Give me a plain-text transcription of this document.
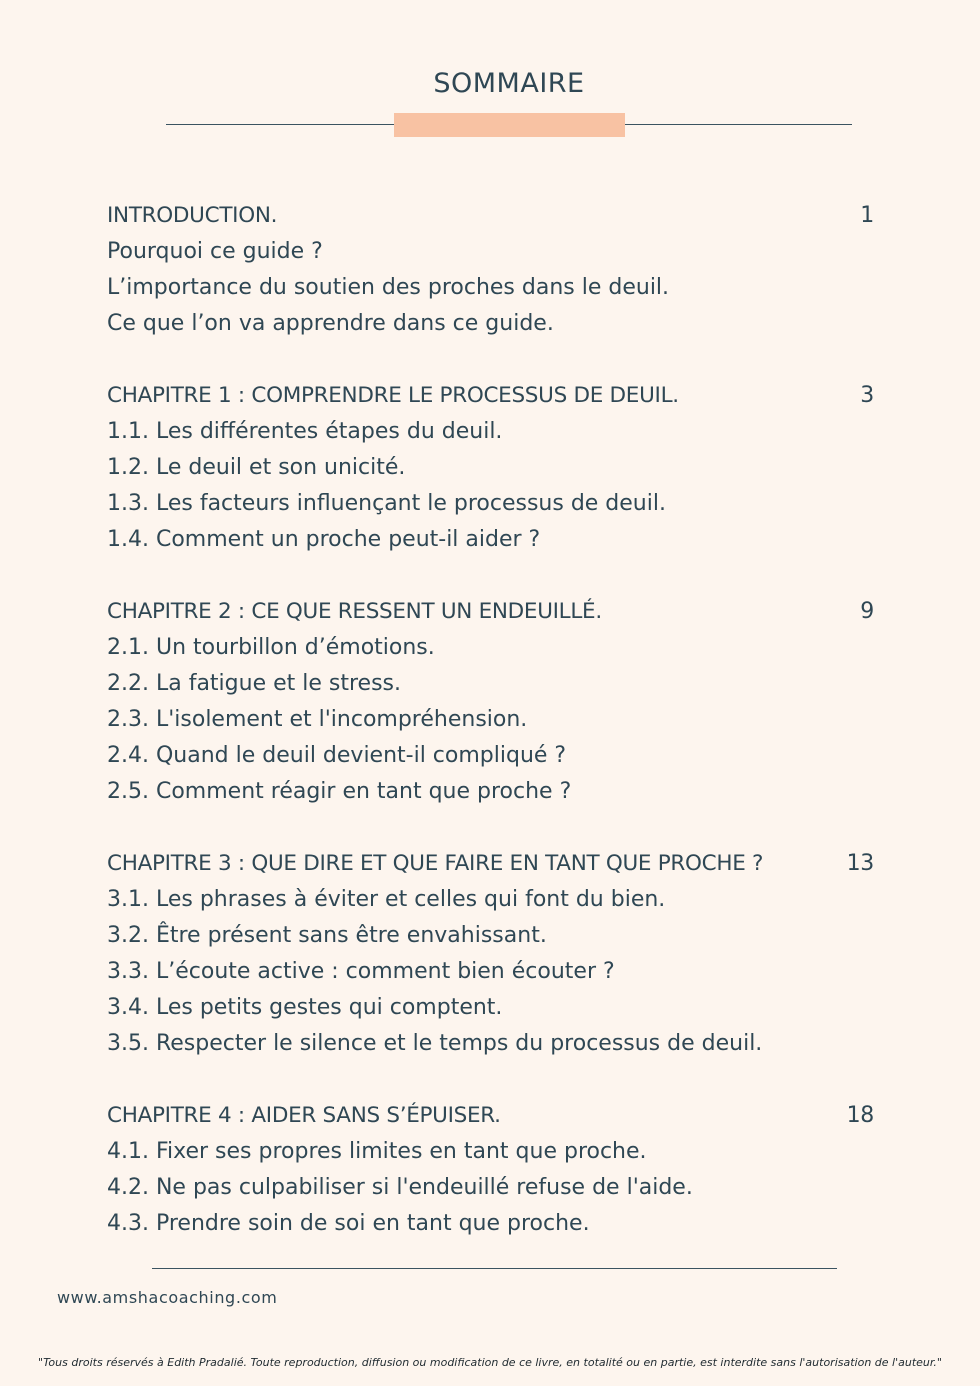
SOMMAIRE
INTRODUCTION.	1
Pourquoi ce guide ?
L’importance du soutien des proches dans le deuil.
Ce que l’on va apprendre dans ce guide.
CHAPITRE 1 : COMPRENDRE LE PROCESSUS DE DEUIL.	3
1.1. Les différentes étapes du deuil.
1.2. Le deuil et son unicité.
1.3. Les facteurs influençant le processus de deuil.
1.4. Comment un proche peut-il aider ?
CHAPITRE 2 : CE QUE RESSENT UN ENDEUILLÉ.	9
2.1. Un tourbillon d’émotions.
2.2. La fatigue et le stress.
2.3. L'isolement et l'incompréhension.
2.4. Quand le deuil devient-il compliqué ?
2.5. Comment réagir en tant que proche ?
CHAPITRE 3 : QUE DIRE ET QUE FAIRE EN TANT QUE PROCHE ?	13
3.1. Les phrases à éviter et celles qui font du bien.
3.2. Être présent sans être envahissant.
3.3. L’écoute active : comment bien écouter ?
3.4. Les petits gestes qui comptent.
3.5. Respecter le silence et le temps du processus de deuil.
CHAPITRE 4 : AIDER SANS S’ÉPUISER.	18
4.1. Fixer ses propres limites en tant que proche.
4.2. Ne pas culpabiliser si l'endeuillé refuse de l'aide.
4.3. Prendre soin de soi en tant que proche.
www.amshacoaching.com
"Tous droits réservés à Edith Pradalié. Toute reproduction, diffusion ou modification de ce livre, en totalité ou en partie, est interdite sans l'autorisation de l'auteur."
